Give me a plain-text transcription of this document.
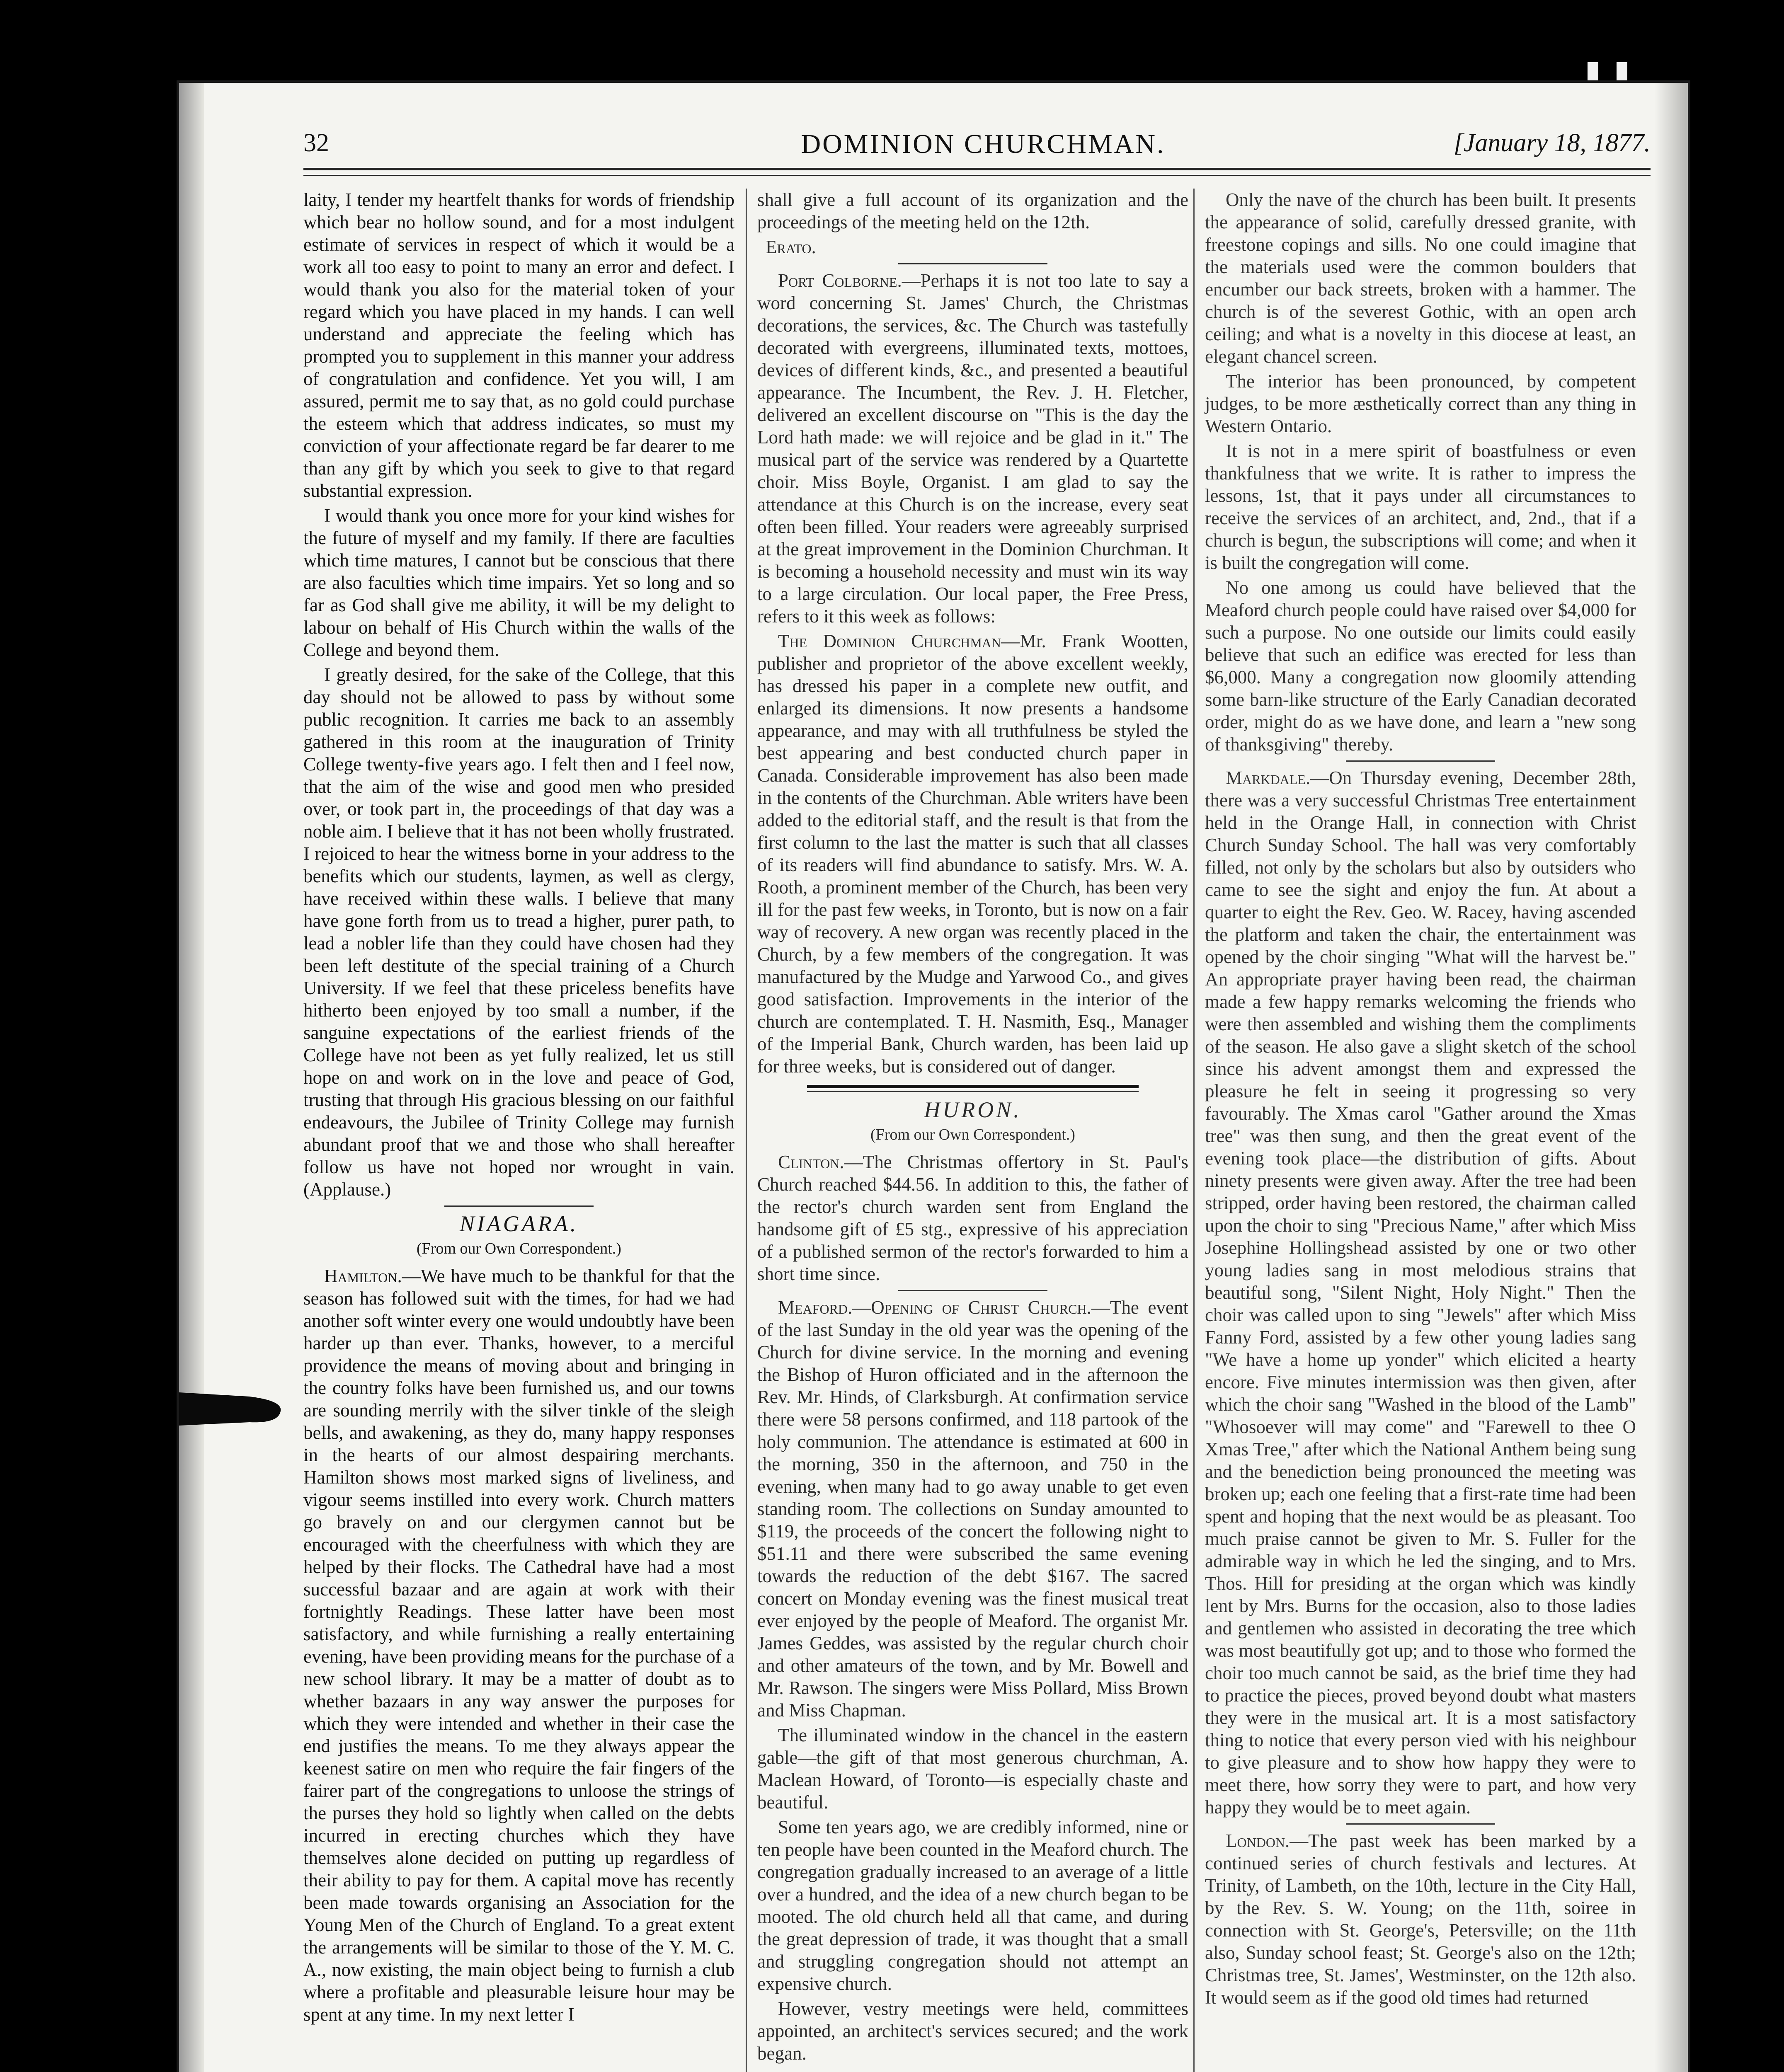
32	DOMINION CHURCHMAN.	[January 18, 1877.

laity, I tender my heartfelt thanks for words of friendship which bear no hollow sound, and for a most indulgent estimate of services in respect of which it would be a work all too easy to point to many an error and defect. I would thank you also for the material token of your regard which you have placed in my hands. I can well understand and appreciate the feeling which has prompted you to supplement in this manner your address of congratulation and confidence. Yet you will, I am assured, permit me to say that, as no gold could purchase the esteem which that address indicates, so must my conviction of your affectionate regard be far dearer to me than any gift by which you seek to give to that regard substantial expression.

I would thank you once more for your kind wishes for the future of myself and my family. If there are faculties which time matures, I cannot but be conscious that there are also faculties which time impairs. Yet so long and so far as God shall give me ability, it will be my delight to labour on behalf of His Church within the walls of the College and beyond them.

I greatly desired, for the sake of the College, that this day should not be allowed to pass by without some public recognition. It carries me back to an assembly gathered in this room at the inauguration of Trinity College twenty-five years ago. I felt then and I feel now, that the aim of the wise and good men who presided over, or took part in, the proceedings of that day was a noble aim. I believe that it has not been wholly frustrated. I rejoiced to hear the witness borne in your address to the benefits which our students, laymen, as well as clergy, have received within these walls. I believe that many have gone forth from us to tread a higher, purer path, to lead a nobler life than they could have chosen had they been left destitute of the special training of a Church University. If we feel that these priceless benefits have hitherto been enjoyed by too small a number, if the sanguine expectations of the earliest friends of the College have not been as yet fully realized, let us still hope on and work on in the love and peace of God, trusting that through His gracious blessing on our faithful endeavours, the Jubilee of Trinity College may furnish abundant proof that we and those who shall hereafter follow us have not hoped nor wrought in vain. (Applause.)

NIAGARA.
(From our Own Correspondent.)

Hamilton.—We have much to be thankful for that the season has followed suit with the times, for had we had another soft winter every one would undoubtly have been harder up than ever. Thanks, however, to a merciful providence the means of moving about and bringing in the country folks have been furnished us, and our towns are sounding merrily with the silver tinkle of the sleigh bells, and awakening, as they do, many happy responses in the hearts of our almost despairing merchants. Hamilton shows most marked signs of liveliness, and vigour seems instilled into every work. Church matters go bravely on and our clergymen cannot but be encouraged with the cheerfulness with which they are helped by their flocks. The Cathedral have had a most successful bazaar and are again at work with their fortnightly Readings. These latter have been most satisfactory, and while furnishing a really entertaining evening, have been providing means for the purchase of a new school library. It may be a matter of doubt as to whether bazaars in any way answer the purposes for which they were intended and whether in their case the end justifies the means. To me they always appear the keenest satire on men who require the fair fingers of the fairer part of the congregations to unloose the strings of the purses they hold so lightly when called on the debts incurred in erecting churches which they have themselves alone decided on putting up regardless of their ability to pay for them. A capital move has recently been made towards organising an Association for the Young Men of the Church of England. To a great extent the arrangements will be similar to those of the Y. M. C. A., now existing, the main object being to furnish a club where a profitable and pleasurable leisure hour may be spent at any time. In my next letter I

shall give a full account of its organization and the proceedings of the meeting held on the 12th.

Erato.

Port Colborne.—Perhaps it is not too late to say a word concerning St. James' Church, the Christmas decorations, the services, &c. The Church was tastefully decorated with evergreens, illuminated texts, mottoes, devices of different kinds, &c., and presented a beautiful appearance. The Incumbent, the Rev. J. H. Fletcher, delivered an excellent discourse on "This is the day the Lord hath made: we will rejoice and be glad in it." The musical part of the service was rendered by a Quartette choir. Miss Boyle, Organist. I am glad to say the attendance at this Church is on the increase, every seat often been filled. Your readers were agreeably surprised at the great improvement in the Dominion Churchman. It is becoming a household necessity and must win its way to a large circulation. Our local paper, the Free Press, refers to it this week as follows:

The Dominion Churchman—Mr. Frank Wootten, publisher and proprietor of the above excellent weekly, has dressed his paper in a complete new outfit, and enlarged its dimensions. It now presents a handsome appearance, and may with all truthfulness be styled the best appearing and best conducted church paper in Canada. Considerable improvement has also been made in the contents of the Churchman. Able writers have been added to the editorial staff, and the result is that from the first column to the last the matter is such that all classes of its readers will find abundance to satisfy. Mrs. W. A. Rooth, a prominent member of the Church, has been very ill for the past few weeks, in Toronto, but is now on a fair way of recovery. A new organ was recently placed in the Church, by a few members of the congregation. It was manufactured by the Mudge and Yarwood Co., and gives good satisfaction. Improvements in the interior of the church are contemplated. T. H. Nasmith, Esq., Manager of the Imperial Bank, Church warden, has been laid up for three weeks, but is considered out of danger.

HURON.
(From our Own Correspondent.)

Clinton.—The Christmas offertory in St. Paul's Church reached $44.56. In addition to this, the father of the rector's church warden sent from England the handsome gift of £5 stg., expressive of his appreciation of a published sermon of the rector's forwarded to him a short time since.

Meaford.—Opening of Christ Church.—The event of the last Sunday in the old year was the opening of the Church for divine service. In the morning and evening the Bishop of Huron officiated and in the afternoon the Rev. Mr. Hinds, of Clarksburgh. At confirmation service there were 58 persons confirmed, and 118 partook of the holy communion. The attendance is estimated at 600 in the morning, 350 in the afternoon, and 750 in the evening, when many had to go away unable to get even standing room. The collections on Sunday amounted to $119, the proceeds of the concert the following night to $51.11 and there were subscribed the same evening towards the reduction of the debt $167. The sacred concert on Monday evening was the finest musical treat ever enjoyed by the people of Meaford. The organist Mr. James Geddes, was assisted by the regular church choir and other amateurs of the town, and by Mr. Bowell and Mr. Rawson. The singers were Miss Pollard, Miss Brown and Miss Chapman.

The illuminated window in the chancel in the eastern gable—the gift of that most generous churchman, A. Maclean Howard, of Toronto—is especially chaste and beautiful.

Some ten years ago, we are credibly informed, nine or ten people have been counted in the Meaford church. The congregation gradually increased to an average of a little over a hundred, and the idea of a new church began to be mooted. The old church held all that came, and during the great depression of trade, it was thought that a small and struggling congregation should not attempt an expensive church.

However, vestry meetings were held, committees appointed, an architect's services secured; and the work began.

Only the nave of the church has been built. It presents the appearance of solid, carefully dressed granite, with freestone copings and sills. No one could imagine that the materials used were the common boulders that encumber our back streets, broken with a hammer. The church is of the severest Gothic, with an open arch ceiling; and what is a novelty in this diocese at least, an elegant chancel screen.

The interior has been pronounced, by competent judges, to be more æsthetically correct than any thing in Western Ontario.

It is not in a mere spirit of boastfulness or even thankfulness that we write. It is rather to impress the lessons, 1st, that it pays under all circumstances to receive the services of an architect, and, 2nd., that if a church is begun, the subscriptions will come; and when it is built the congregation will come.

No one among us could have believed that the Meaford church people could have raised over $4,000 for such a purpose. No one outside our limits could easily believe that such an edifice was erected for less than $6,000. Many a congregation now gloomily attending some barn-like structure of the Early Canadian decorated order, might do as we have done, and learn a "new song of thanksgiving" thereby.

Markdale.—On Thursday evening, December 28th, there was a very successful Christmas Tree entertainment held in the Orange Hall, in connection with Christ Church Sunday School. The hall was very comfortably filled, not only by the scholars but also by outsiders who came to see the sight and enjoy the fun. At about a quarter to eight the Rev. Geo. W. Racey, having ascended the platform and taken the chair, the entertainment was opened by the choir singing "What will the harvest be." An appropriate prayer having been read, the chairman made a few happy remarks welcoming the friends who were then assembled and wishing them the compliments of the season. He also gave a slight sketch of the school since his advent amongst them and expressed the pleasure he felt in seeing it progressing so very favourably. The Xmas carol "Gather around the Xmas tree" was then sung, and then the great event of the evening took place—the distribution of gifts. About ninety presents were given away. After the tree had been stripped, order having been restored, the chairman called upon the choir to sing "Precious Name," after which Miss Josephine Hollingshead assisted by one or two other young ladies sang in most melodious strains that beautiful song, "Silent Night, Holy Night." Then the choir was called upon to sing "Jewels" after which Miss Fanny Ford, assisted by a few other young ladies sang "We have a home up yonder" which elicited a hearty encore. Five minutes intermission was then given, after which the choir sang "Washed in the blood of the Lamb" "Whosoever will may come" and "Farewell to thee O Xmas Tree," after which the National Anthem being sung and the benediction being pronounced the meeting was broken up; each one feeling that a first-rate time had been spent and hoping that the next would be as pleasant. Too much praise cannot be given to Mr. S. Fuller for the admirable way in which he led the singing, and to Mrs. Thos. Hill for presiding at the organ which was kindly lent by Mrs. Burns for the occasion, also to those ladies and gentlemen who assisted in decorating the tree which was most beautifully got up; and to those who formed the choir too much cannot be said, as the brief time they had to practice the pieces, proved beyond doubt what masters they were in the musical art. It is a most satisfactory thing to notice that every person vied with his neighbour to give pleasure and to show how happy they were to meet there, how sorry they were to part, and how very happy they would be to meet again.

London.—The past week has been marked by a continued series of church festivals and lectures. At Trinity, of Lambeth, on the 10th, lecture in the City Hall, by the Rev. S. W. Young; on the 11th, soiree in connection with St. George's, Petersville; on the 11th also, Sunday school feast; St. George's also on the 12th; Christmas tree, St. James', Westminster, on the 12th also. It would seem as if the good old times had returned
